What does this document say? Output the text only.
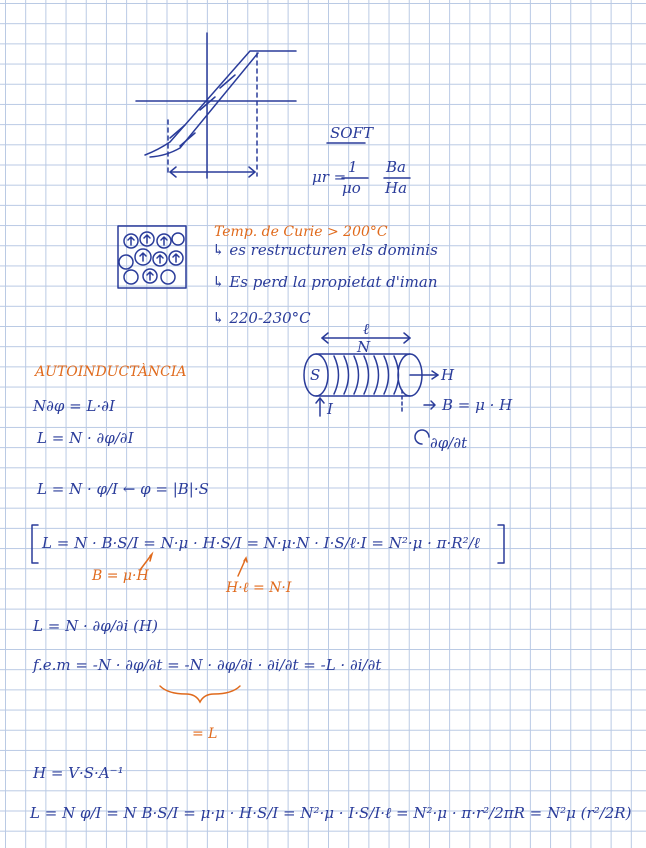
SOFT
μr =
1
μo
Ba
Ha
Temp. de Curie > 200°C
↳ es restructuren els dominis
↳ Es perd la propietat d'iman
↳ 220-230°C
AUTOINDUCTÀNCIA	S
ℓ
N
H
I	B = μ · H
∂φ/∂t
N∂φ = L·∂I
L = N · ∂φ/∂I
L = N · φ/I ← φ = |B|·S
L = N · B·S/I = N·μ · H·S/I = N·μ·N · I·S/ℓ·I = N²·μ · π·R²/ℓ
B = μ·H
H·ℓ = N·I
L = N · ∂φ/∂i (H)
f.e.m = -N · ∂φ/∂t = -N · ∂φ/∂i · ∂i/∂t = -L · ∂i/∂t
= L
H = V·S·A⁻¹
L = N φ/I = N B·S/I = μ·μ · H·S/I = N²·μ · I·S/I·ℓ = N²·μ · π·r²/2πR = N²μ (r²/2R)
